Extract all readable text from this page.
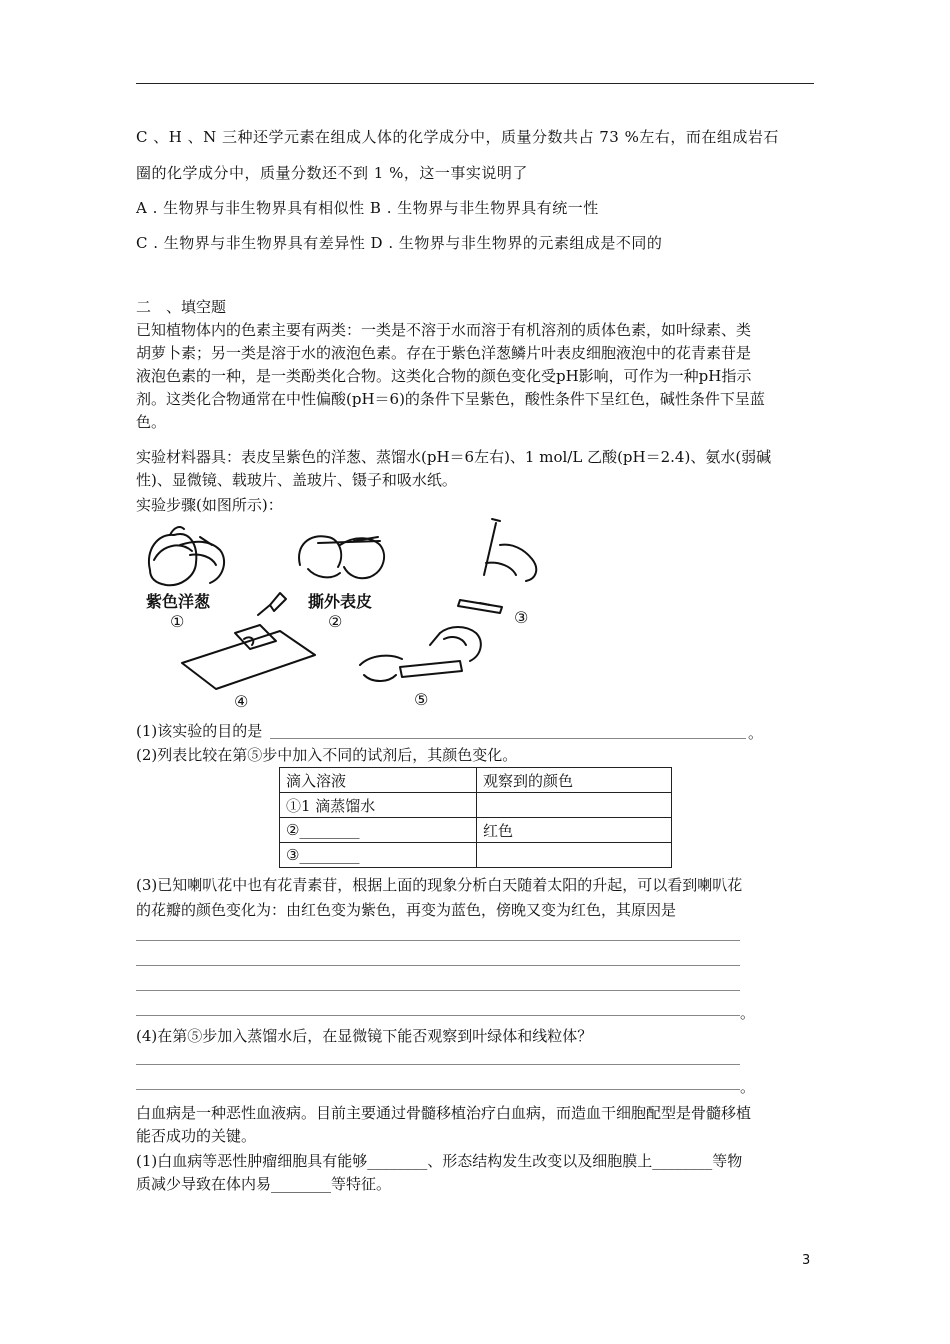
C 、H 、N 三种还学元素在组成人体的化学成分中，质量分数共占 73 %左右，而在组成岩石
圈的化学成分中，质量分数还不到 1 %，这一事实说明了
A . 生物界与非生物界具有相似性 B . 生物界与非生物界具有统一性
C . 生物界与非生物界具有差异性 D . 生物界与非生物界的元素组成是不同的
二　、填空题
已知植物体内的色素主要有两类：一类是不溶于水而溶于有机溶剂的质体色素，如叶绿素、类
胡萝卜素；另一类是溶于水的液泡色素。存在于紫色洋葱鳞片叶表皮细胞液泡中的花青素苷是
液泡色素的一种，是一类酚类化合物。这类化合物的颜色变化受pH影响，可作为一种pH指示
剂。这类化合物通常在中性偏酸(pH＝6)的条件下呈紫色，酸性条件下呈红色，碱性条件下呈蓝
色。
实验材料器具：表皮呈紫色的洋葱、蒸馏水(pH＝6左右)、1 mol/L 乙酸(pH＝2.4)、氨水(弱碱
性)、显微镜、载玻片、盖玻片、镊子和吸水纸。
实验步骤(如图所示)：
紫色洋葱	撕外表皮
①	②	③
④	⑤
(1)该实验的目的是	。
(2)列表比较在第⑤步中加入不同的试剂后，其颜色变化。
滴入溶液	观察到的颜色
①1 滴蒸馏水	
②________	红色
③________	
(3)已知喇叭花中也有花青素苷，根据上面的现象分析白天随着太阳的升起，可以看到喇叭花
的花瓣的颜色变化为：由红色变为紫色，再变为蓝色，傍晚又变为红色，其原因是
。
(4)在第⑤步加入蒸馏水后，在显微镜下能否观察到叶绿体和线粒体？
。
白血病是一种恶性血液病。目前主要通过骨髓移植治疗白血病，而造血干细胞配型是骨髓移植
能否成功的关键。
(1)白血病等恶性肿瘤细胞具有能够________、形态结构发生改变以及细胞膜上________等物
质减少导致在体内易________等特征。
3
